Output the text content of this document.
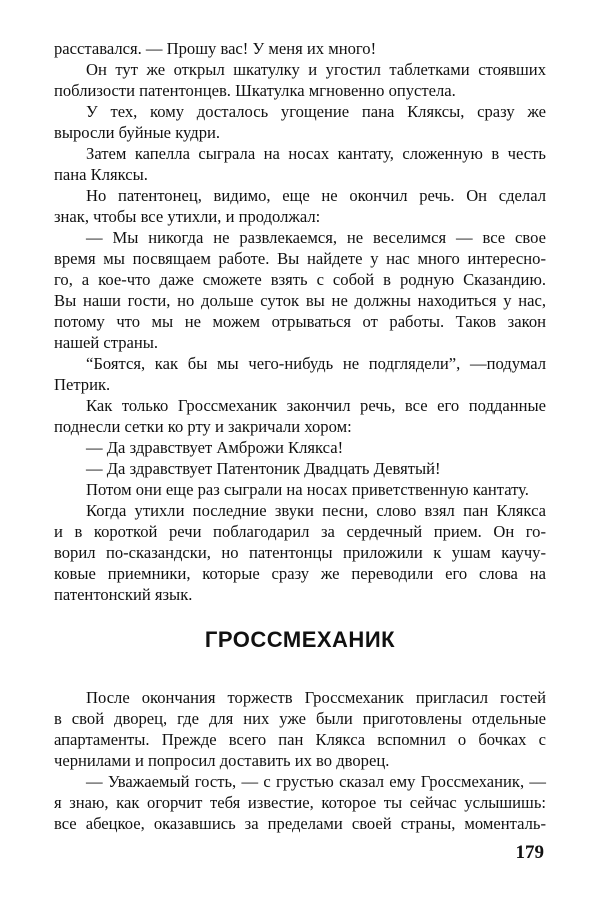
расставался. — Прошу вас! У меня их много!
Он тут же открыл шкатулку и угостил таблетками стоявших
поблизости патентонцев. Шкатулка мгновенно опустела.
У тех, кому досталось угощение пана Кляксы, сразу же
выросли буйные кудри.
Затем капелла сыграла на носах кантату, сложенную в честь
пана Кляксы.
Но патентонец, видимо, еще не окончил речь. Он сделал
знак, чтобы все утихли, и продолжал:
— Мы никогда не развлекаемся, не веселимся — все свое
время мы посвящаем работе. Вы найдете у нас много интересно-
го, а кое-что даже сможете взять с собой в родную Сказандию.
Вы наши гости, но дольше суток вы не должны находиться у нас,
потому что мы не можем отрываться от работы. Таков закон
нашей страны.
“Боятся, как бы мы чего-нибудь не подглядели”, —подумал
Петрик.
Как только Гроссмеханик закончил речь, все его подданные
поднесли сетки ко рту и закричали хором:
— Да здравствует Амброжи Клякса!
— Да здравствует Патентоник Двадцать Девятый!
Потом они еще раз сыграли на носах приветственную кантату.
Когда утихли последние звуки песни, слово взял пан Клякса
и в короткой речи поблагодарил за сердечный прием. Он го-
ворил по-сказандски, но патентонцы приложили к ушам каучу-
ковые приемники, которые сразу же переводили его слова на
патентонский язык.
ГРОССМЕХАНИК
После окончания торжеств Гроссмеханик пригласил гостей
в свой дворец, где для них уже были приготовлены отдельные
апартаменты. Прежде всего пан Клякса вспомнил о бочках с
чернилами и попросил доставить их во дворец.
— Уважаемый гость, — с грустью сказал ему Гроссмеханик, —
я знаю, как огорчит тебя известие, которое ты сейчас услышишь:
все абецкое, оказавшись за пределами своей страны, моменталь-
179
